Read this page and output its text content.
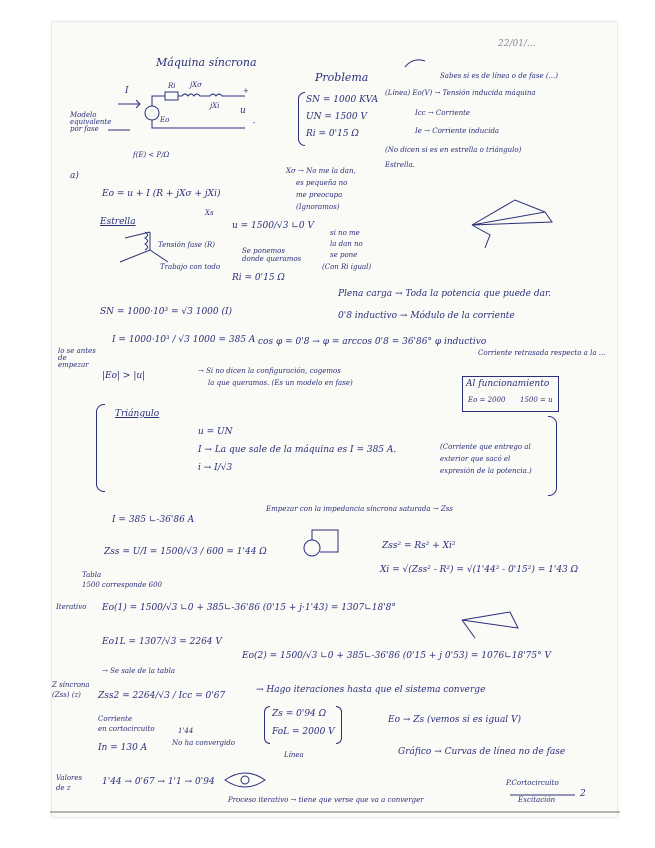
22/01/...
Máquina síncrona
I	Ri jXσ
jXi u
Eo
+
-
Modelo equivalente por fase
f(E) < P/Ω
Problema
SN = 1000 KVA
UN = 1500 V
Ri = 0'15 Ω
Sabes si es de línea o de fase (...)
(Línea) Eo(V) → Tensión inducida máquina
Icc → Corriente
Ie → Corriente inducida
(No dicen si es en estrella o triángulo)
Estrella.
a)
Eo = u + I (R + jXσ + jXi)
Xs
Xσ → No me la dan,
es pequeña no
me preocupa
(Ignoramos)
Estrella
Tensión fase (R)
Trabajo con todo
u = 1500/√3 ∟0 V
Se ponemos
donde queramos
si no me
la dan no
se pone
(Con Ri igual)
Ri = 0'15 Ω
SN = 1000·10³ = √3 1000 (I)
Plena carga → Toda la potencia que puede dar.
0'8 inductivo → Módulo de la corriente
I = 1000·10³ / √3 1000 = 385 A cos φ = 0'8 → φ = arccos 0'8 = 36'86° φ inductivo
Corriente retrasada respecto a la ...
lo se antes de empezar
|Eo| > |u|	→ Si no dicen la configuración, cogemos
la que queramos. (Es un modelo en fase)	Al funcionamiento
Eo = 2000 1500 = u
Triángulo
u = UN
I → La que sale de la máquina es I = 385 A.
i → I/√3
(Corriente que entrego al
exterior que sacó el
expresión de la potencia.)
I = 385 ∟-36'86 A
Empezar con la impedancia síncrona saturada → Zss
Zss = U/I = 1500/√3 / 600 = 1'44 Ω
Tabla
1500 corresponde 600
Zss² = Rs² + Xi²
Xi = √(Zss² - R²) = √(1'44² - 0'15²) = 1'43 Ω
Iterativo Eo(1) = 1500/√3 ∟0 + 385∟-36'86 (0'15 + j·1'43) = 1307∟18'8°
Eo1L = 1307/√3 = 2264 V
→ Se sale de la tabla
Eo(2) = 1500/√3 ∟0 + 385∟-36'86 (0'15 + j 0'53) = 1076∟18'75° V
Zss2 = 2264/√3 / Icc = 0'67
Z síncrona
(Zss) (z)
Corriente
en cortocircuito	1'44
No ha convergido
In = 130 A
→ Hago iteraciones hasta que el sistema converge
Zs = 0'94 Ω
FoL = 2000 V
Línea
Eo → Zs (vemos si es igual V)
Gráfico → Curvas de línea no de fase
Valores
de z
1'44 → 0'67 → 1'1 → 0'94
Proceso iterativo → tiene que verse que va a converger
P.Cortocircuito
Excitación
2
